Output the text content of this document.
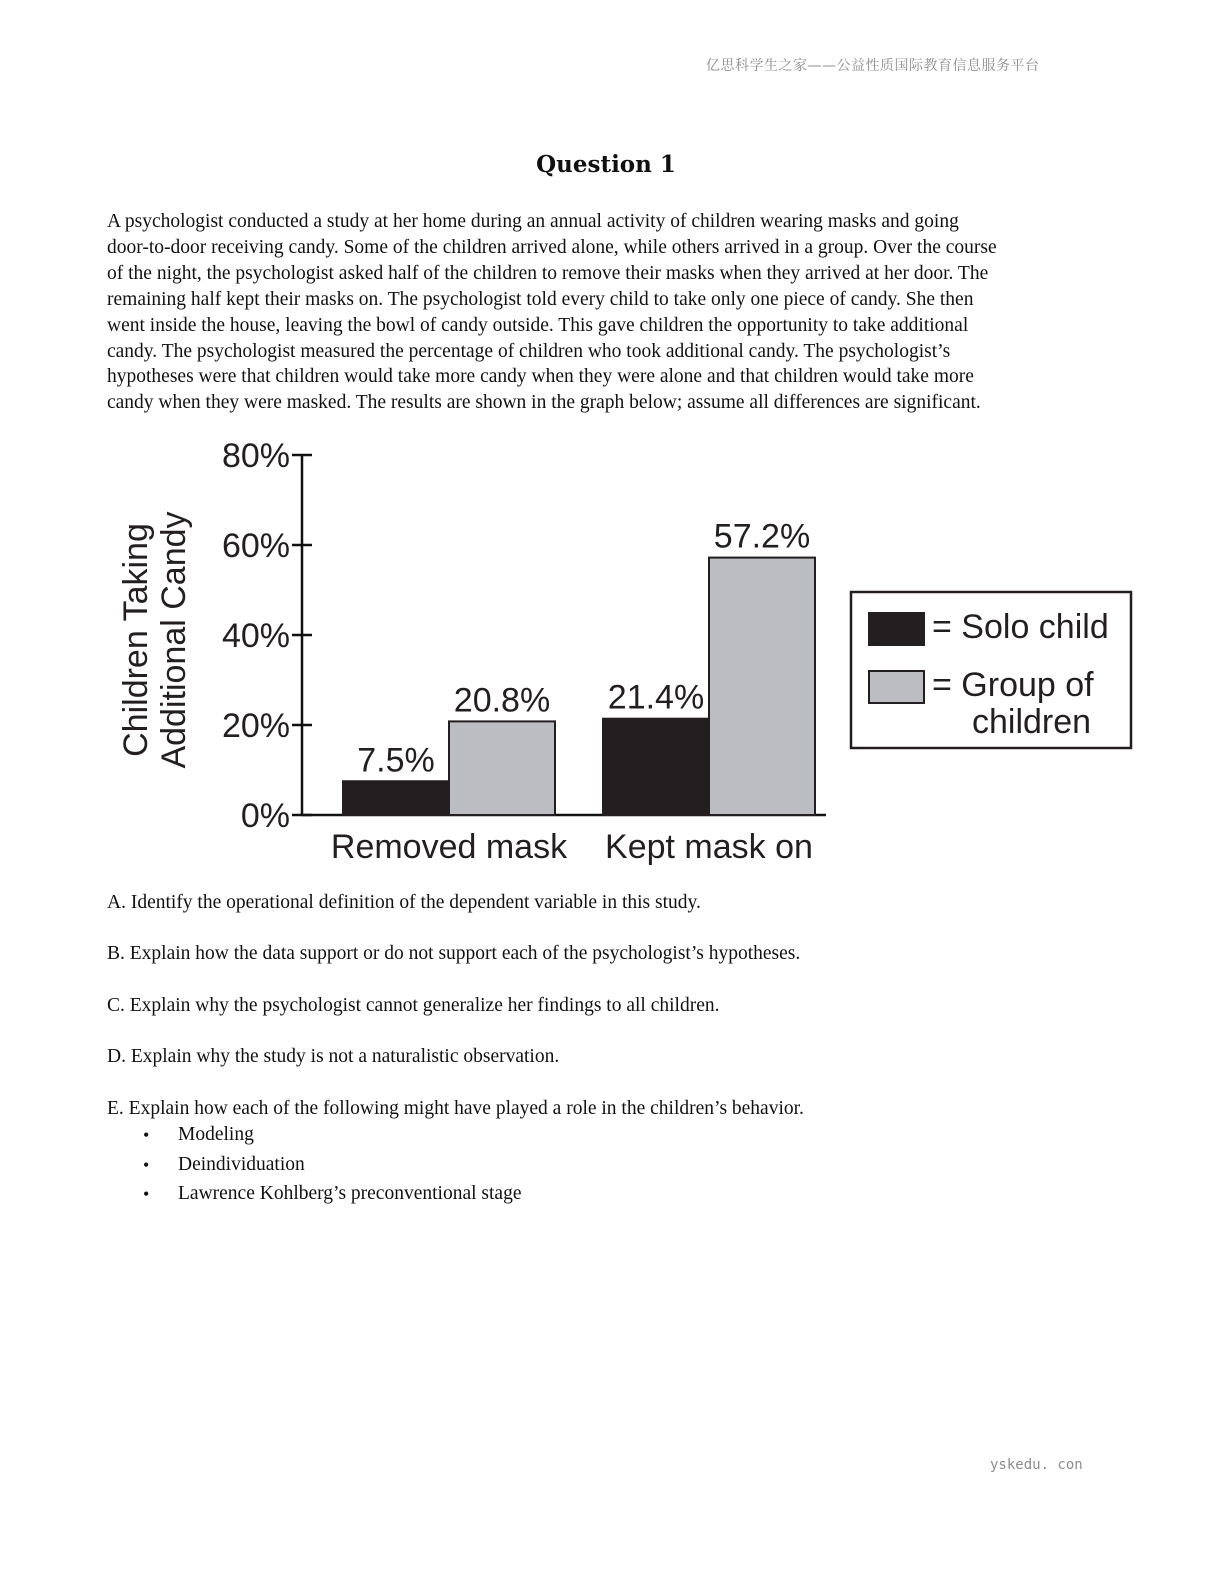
亿思科学生之家——公益性质国际教育信息服务平台
Question 1
A psychologist conducted a study at her home during an annual activity of children wearing masks and going
door-to-door receiving candy. Some of the children arrived alone, while others arrived in a group. Over the course
of the night, the psychologist asked half of the children to remove their masks when they arrived at her door. The
remaining half kept their masks on. The psychologist told every child to take only one piece of candy. She then
went inside the house, leaving the bowl of candy outside. This gave children the opportunity to take additional
candy. The psychologist measured the percentage of children who took additional candy. The psychologist’s
hypotheses were that children would take more candy when they were alone and that children would take more
candy when they were masked. The results are shown in the graph below; assume all differences are significant.
0%
20%
40%
60%
80%
Children Taking Additional Candy	7.5%
20.8%
Removed mask
21.4%
57.2%
Kept mask on
= Solo child
= Group of
children
A. Identify the operational definition of the dependent variable in this study.
B. Explain how the data support or do not support each of the psychologist’s hypotheses.
C. Explain why the psychologist cannot generalize her findings to all children.
D. Explain why the study is not a naturalistic observation.
E. Explain how each of the following might have played a role in the children’s behavior.
• Modeling
• Deindividuation
• Lawrence Kohlberg’s preconventional stage
yskedu. con
